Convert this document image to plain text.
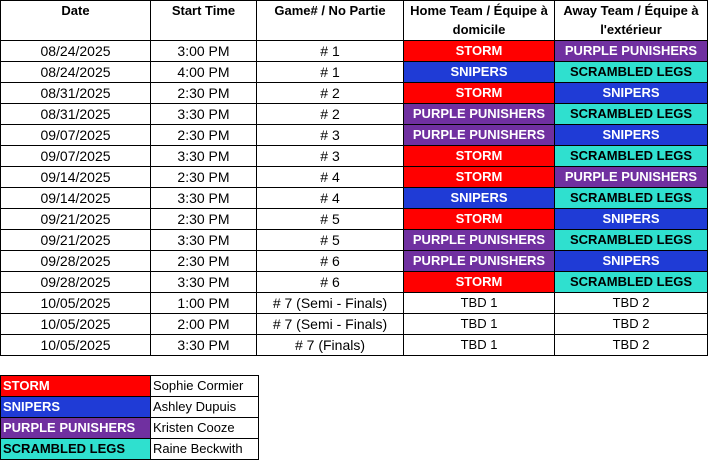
Date	Start Time	Game# / No Partie	Home Team / Équipe à domicile	Away Team / Équipe à l'extérieur
08/24/2025	3:00 PM	# 1	STORM	PURPLE PUNISHERS
08/24/2025	4:00 PM	# 1	SNIPERS	SCRAMBLED LEGS
08/31/2025	2:30 PM	# 2	STORM	SNIPERS
08/31/2025	3:30 PM	# 2	PURPLE PUNISHERS	SCRAMBLED LEGS
09/07/2025	2:30 PM	# 3	PURPLE PUNISHERS	SNIPERS
09/07/2025	3:30 PM	# 3	STORM	SCRAMBLED LEGS
09/14/2025	2:30 PM	# 4	STORM	PURPLE PUNISHERS
09/14/2025	3:30 PM	# 4	SNIPERS	SCRAMBLED LEGS
09/21/2025	2:30 PM	# 5	STORM	SNIPERS
09/21/2025	3:30 PM	# 5	PURPLE PUNISHERS	SCRAMBLED LEGS
09/28/2025	2:30 PM	# 6	PURPLE PUNISHERS	SNIPERS
09/28/2025	3:30 PM	# 6	STORM	SCRAMBLED LEGS
10/05/2025	1:00 PM	# 7 (Semi - Finals)	TBD 1	TBD 2
10/05/2025	2:00 PM	# 7 (Semi - Finals)	TBD 1	TBD 2
10/05/2025	3:30 PM	# 7 (Finals)	TBD 1	TBD 2
STORM	Sophie Cormier
SNIPERS	Ashley Dupuis
PURPLE PUNISHERS	Kristen Cooze
SCRAMBLED LEGS	Raine Beckwith
